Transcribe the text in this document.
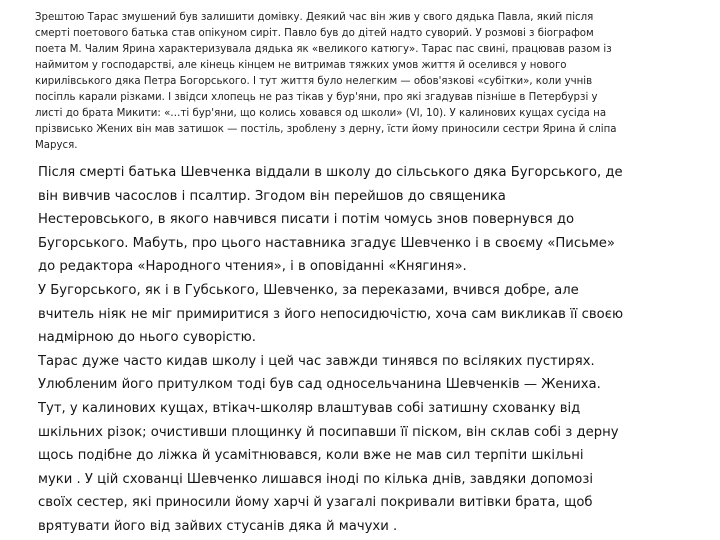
Зрештою Тарас змушений був залишити домівку. Деякий час він жив у свого дядька Павла, який після
смерті поетового батька став опікуном сиріт. Павло був до дітей надто суворий. У розмові з біографом
поета М. Чалим Ярина характеризувала дядька як «великого катюгу». Тарас пас свині, працював разом із
наймитом у господарстві, але кінець кінцем не витримав тяжких умов життя й оселився у нового
кирилівського дяка Петра Богорського. І тут життя було нелегким — обов'язкові «субітки», коли учнів
посіпль карали різками. І звідси хлопець не раз тікав у бур'яни, про які згадував пізніше в Петербурзі у
листі до брата Микити: «…ті бур'яни, що колись ховався од школи» (VI, 10). У калинових кущах сусіда на
прізвисько Жених він мав затишок — постіль, зроблену з дерну, їсти йому приносили сестри Ярина й сліпа
Маруся.
Після смерті батька Шевченка віддали в школу до сільського дяка Бугорського, де
він вивчив часослов і псалтир. Згодом він перейшов до священика
Нестеровського, в якого навчився писати і потім чомусь знов повернувся до
Бугорського. Мабуть, про цього наставника згадує Шевченко і в своєму «Письме»
до редактора «Народного чтения», і в оповіданні «Княгиня».
У Бугорського, як і в Губського, Шевченко, за переказами, вчився добре, але
вчитель ніяк не міг примиритися з його непосидючістю, хоча сам викликав її своєю
надмірною до нього суворістю.
Тарас дуже часто кидав школу і цей час завжди тинявся по всіляких пустирях.
Улюбленим його притулком тоді був сад односельчанина Шевченків — Жениха.
Тут, у калинових кущах, втікач-школяр влаштував собі затишну схованку від
шкільних різок; очистивши площинку й посипавши її піском, він склав собі з дерну
щось подібне до ліжка й усамітнювався, коли вже не мав сил терпіти шкільні
муки . У цій схованці Шевченко лишався іноді по кілька днів, завдяки допомозі
своїх сестер, які приносили йому харчі й узагалі покривали витівки брата, щоб
врятувати його від зайвих стусанів дяка й мачухи .
